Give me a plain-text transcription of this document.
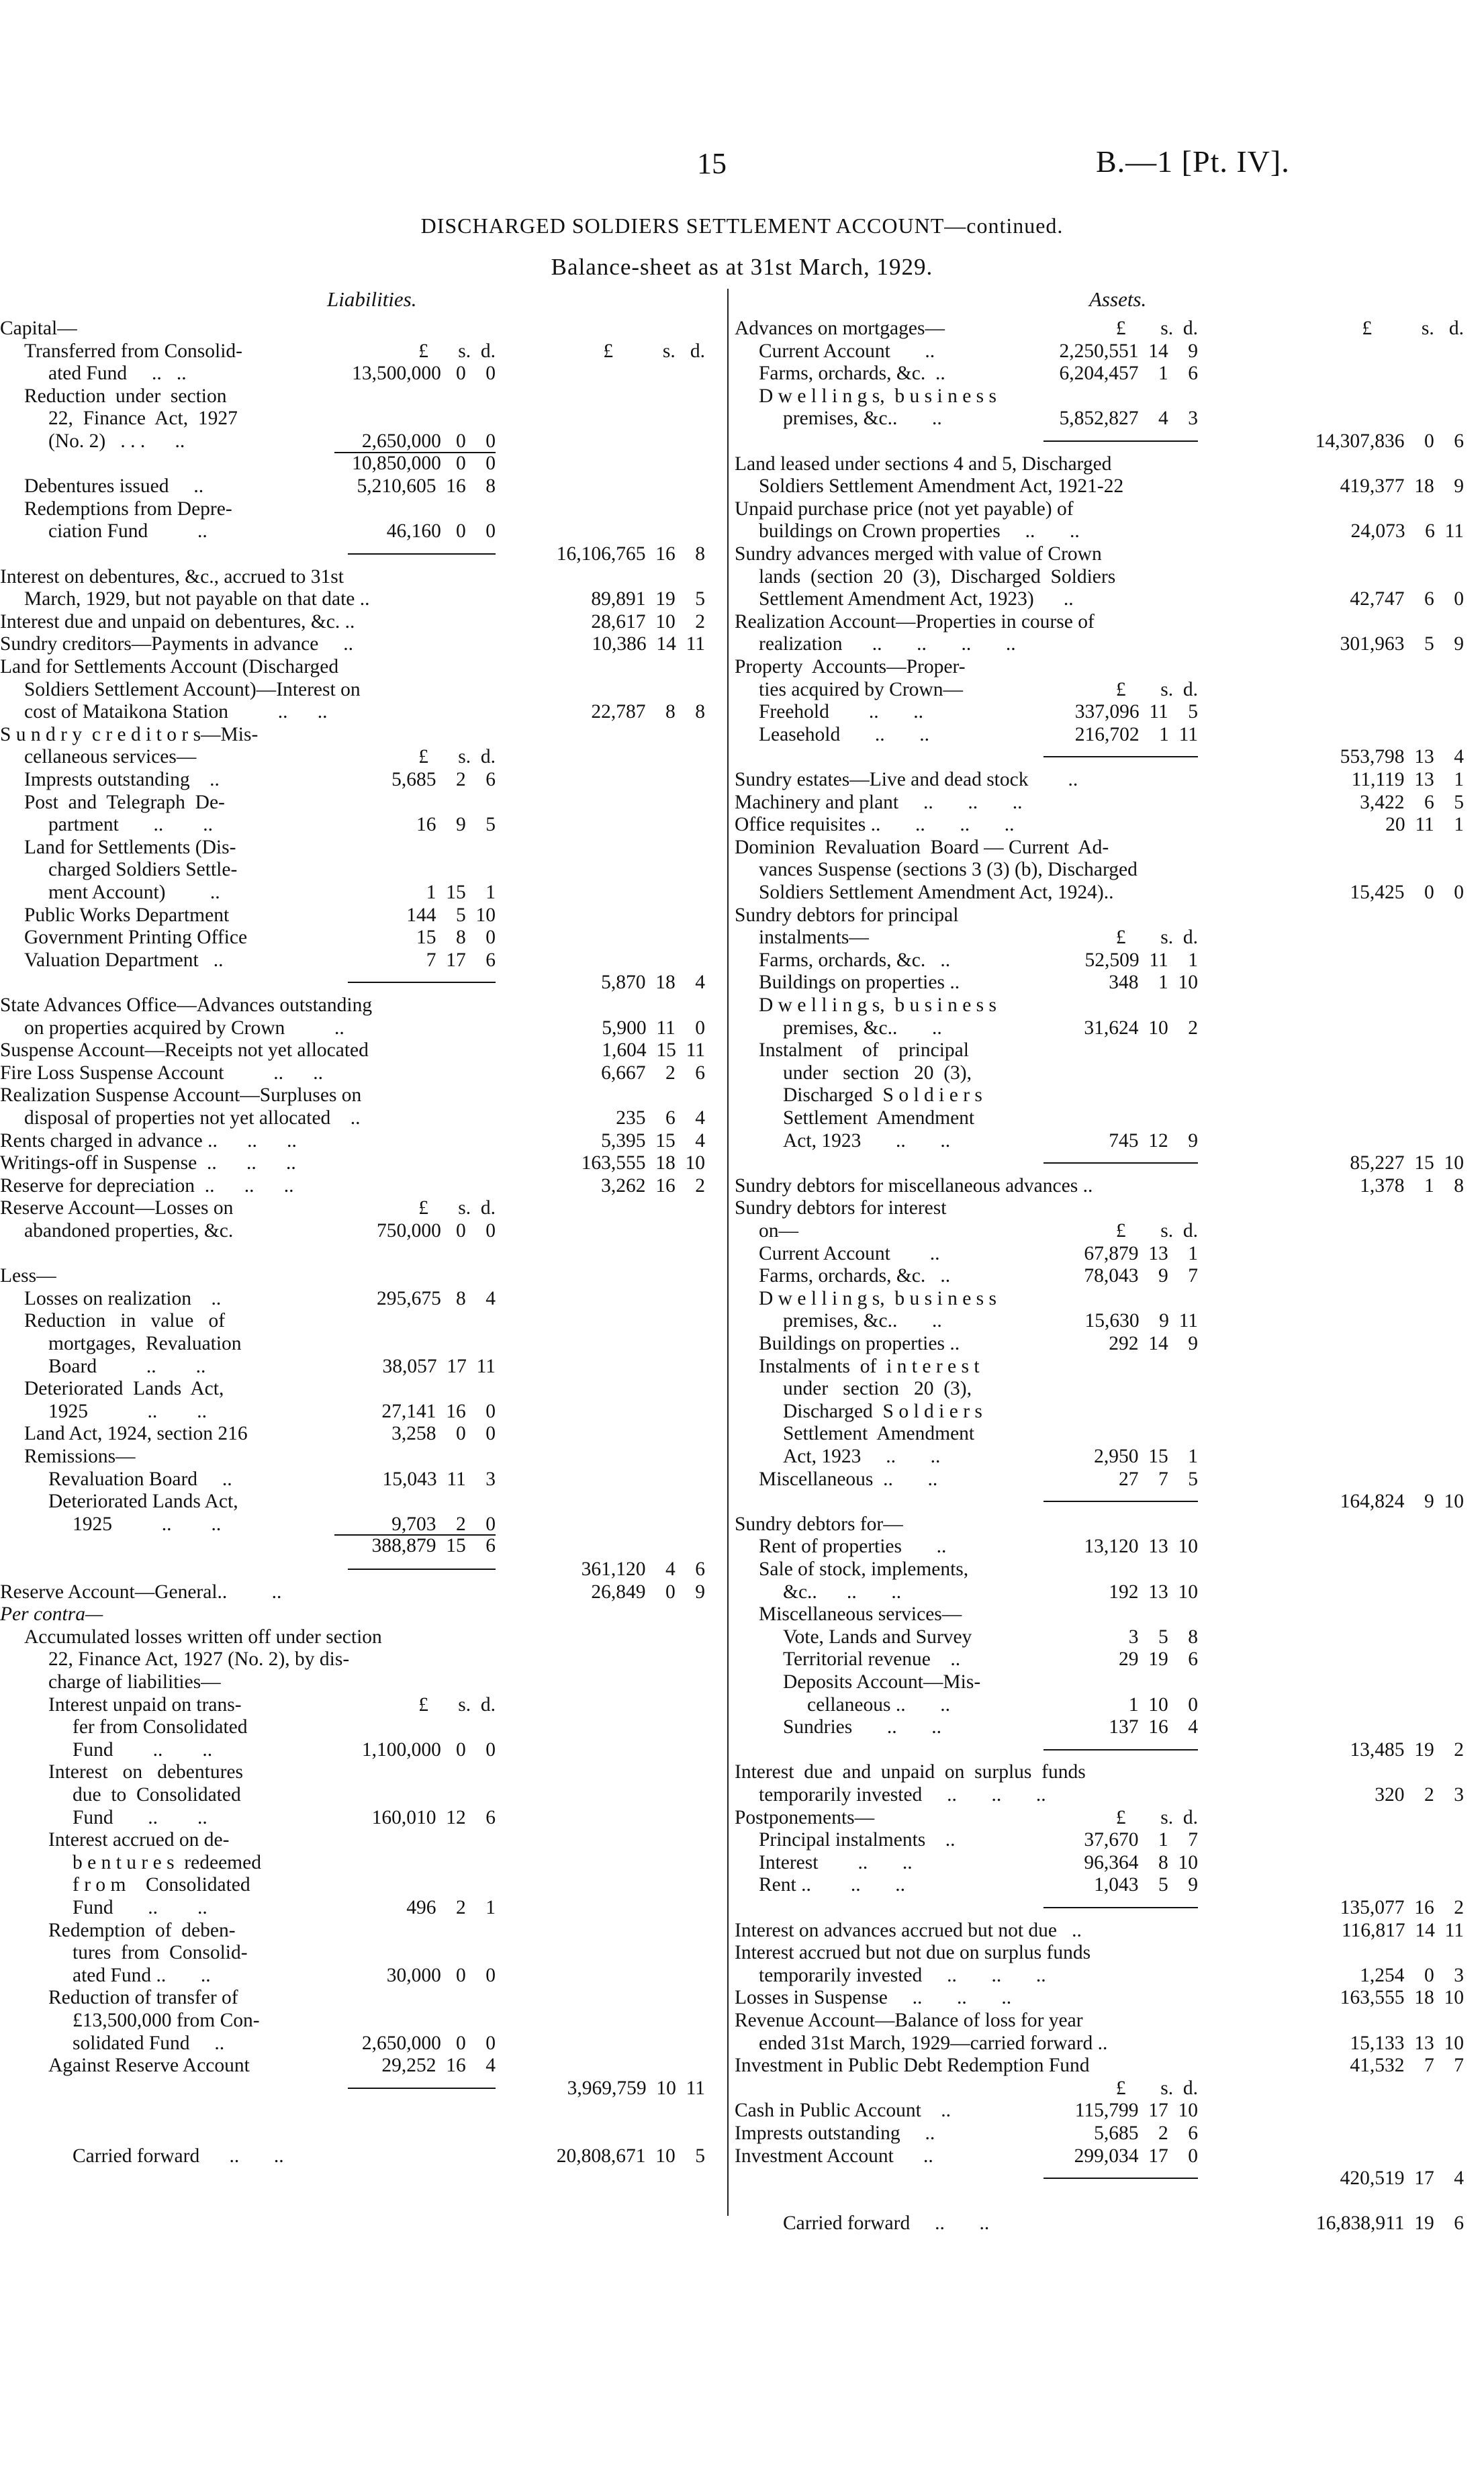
15	B.—1 [Pt. IV].
DISCHARGED SOLDIERS SETTLEMENT ACCOUNT—continued.
Balance-sheet as at 31st March, 1929.
Liabilities.	Assets.
Capital—
Transferred from Consolid-	£      s.  d.	£          s.   d.
ated Fund     ..   ..	13,500,000   0    0
Reduction  under  section
22,  Finance  Act,  1927
(No. 2)   . . .      ..	2,650,000   0    0
10,850,000   0    0
Debentures issued     ..	5,210,605  16    8
Redemptions from Depre-
ciation Fund          ..	46,160   0    0
16,106,765  16    8
Interest on debentures, &c., accrued to 31st
March, 1929, but not payable on that date ..	89,891  19    5
Interest due and unpaid on debentures, &c. ..	28,617  10    2
Sundry creditors—Payments in advance     ..	10,386  14  11
Land for Settlements Account (Discharged
Soldiers Settlement Account)—Interest on
cost of Mataikona Station          ..      ..	22,787    8    8
S u n d r y  c r e d i t o r s—Mis-
cellaneous services—	£      s.  d.
Imprests outstanding    ..	5,685    2    6
Post  and  Telegraph  De-
partment       ..        ..	16    9    5
Land for Settlements (Dis-
charged Soldiers Settle-
ment Account)         ..	1  15    1
Public Works Department	144    5  10
Government Printing Office	15    8    0
Valuation Department   ..	7  17    6
5,870  18    4
State Advances Office—Advances outstanding
on properties acquired by Crown          ..	5,900  11    0
Suspense Account—Receipts not yet allocated	1,604  15  11
Fire Loss Suspense Account          ..      ..	6,667    2    6
Realization Suspense Account—Surpluses on
disposal of properties not yet allocated    ..	235    6    4
Rents charged in advance ..      ..      ..	5,395  15    4
Writings-off in Suspense  ..      ..      ..	163,555  18  10
Reserve for depreciation  ..      ..      ..	3,262  16    2
Reserve Account—Losses on	£      s.  d.
abandoned properties, &c.	750,000   0    0
Less—
Losses on realization    ..	295,675   8    4
Reduction   in   value   of
mortgages,  Revaluation
Board          ..        ..	38,057  17  11
Deteriorated  Lands  Act,
1925            ..        ..	27,141  16    0
Land Act, 1924, section 216	3,258    0    0
Remissions—
Revaluation Board     ..	15,043  11    3
Deteriorated Lands Act,
1925          ..        ..	9,703    2    0
388,879  15    6
361,120    4    6
Reserve Account—General..         ..	26,849    0    9
Per contra—
Accumulated losses written off under section
22, Finance Act, 1927 (No. 2), by dis-
charge of liabilities—
Interest unpaid on trans-	£      s.  d.
fer from Consolidated
Fund        ..        ..	1,100,000   0    0
Interest   on   debentures
due  to  Consolidated
Fund       ..        ..	160,010  12    6
Interest accrued on de-
b e n t u r e s  redeemed
f r o m    Consolidated
Fund       ..        ..	496    2    1
Redemption  of  deben-
tures  from  Consolid-
ated Fund ..       ..	30,000   0    0
Reduction of transfer of
£13,500,000 from Con-
solidated Fund     ..	2,650,000   0    0
Against Reserve Account	29,252  16    4
3,969,759  10  11
Carried forward      ..       ..	20,808,671  10    5
Advances on mortgages—	£       s.  d.	£          s.   d.
Current Account       ..	2,250,551  14    9
Farms, orchards, &c.  ..	6,204,457    1    6
D w e l l i n g s,  b u s i n e s s
premises, &c..       ..	5,852,827    4    3
14,307,836    0    6
Land leased under sections 4 and 5, Discharged
Soldiers Settlement Amendment Act, 1921-22	419,377  18    9
Unpaid purchase price (not yet payable) of
buildings on Crown properties     ..       ..	24,073    6  11
Sundry advances merged with value of Crown
lands  (section  20  (3),  Discharged  Soldiers
Settlement Amendment Act, 1923)      ..	42,747    6    0
Realization Account—Properties in course of
realization      ..       ..       ..       ..	301,963    5    9
Property  Accounts—Proper-
ties acquired by Crown—	£       s.  d.
Freehold        ..       ..	337,096  11    5
Leasehold       ..       ..	216,702    1  11
553,798  13    4
Sundry estates—Live and dead stock        ..	11,119  13    1
Machinery and plant     ..       ..       ..	3,422    6    5
Office requisites ..       ..       ..       ..	20  11    1
Dominion  Revaluation  Board — Current  Ad-
vances Suspense (sections 3 (3) (b), Discharged
Soldiers Settlement Amendment Act, 1924)..	15,425    0    0
Sundry debtors for principal
instalments—	£       s.  d.
Farms, orchards, &c.   ..	52,509  11    1
Buildings on properties ..	348    1  10
D w e l l i n g s,  b u s i n e s s
premises, &c..       ..	31,624  10    2
Instalment    of    principal
under   section   20  (3),
Discharged  S o l d i e r s
Settlement  Amendment
Act, 1923       ..       ..	745  12    9
85,227  15  10
Sundry debtors for miscellaneous advances ..	1,378    1    8
Sundry debtors for interest
on—	£       s.  d.
Current Account        ..	67,879  13    1
Farms, orchards, &c.   ..	78,043    9    7
D w e l l i n g s,  b u s i n e s s
premises, &c..       ..	15,630    9  11
Buildings on properties ..	292  14    9
Instalments  of  i n t e r e s t
under   section   20  (3),
Discharged  S o l d i e r s
Settlement  Amendment
Act, 1923     ..       ..	2,950  15    1
Miscellaneous  ..       ..	27    7    5
164,824    9  10
Sundry debtors for—
Rent of properties       ..	13,120  13  10
Sale of stock, implements,
&c..      ..       ..	192  13  10
Miscellaneous services—
Vote, Lands and Survey	3    5    8
Territorial revenue    ..	29  19    6
Deposits Account—Mis-
cellaneous ..       ..	1  10    0
Sundries       ..       ..	137  16    4
13,485  19    2
Interest  due  and  unpaid  on  surplus  funds
temporarily invested     ..       ..       ..	320    2    3
Postponements—	£       s.  d.
Principal instalments    ..	37,670    1    7
Interest        ..       ..	96,364    8  10
Rent ..        ..       ..	1,043    5    9
135,077  16    2
Interest on advances accrued but not due   ..	116,817  14  11
Interest accrued but not due on surplus funds
temporarily invested     ..       ..       ..	1,254    0    3
Losses in Suspense     ..       ..       ..	163,555  18  10
Revenue Account—Balance of loss for year
ended 31st March, 1929—carried forward ..	15,133  13  10
Investment in Public Debt Redemption Fund	41,532    7    7
£       s.  d.
Cash in Public Account    ..	115,799  17  10
Imprests outstanding     ..	5,685    2    6
Investment Account      ..	299,034  17    0
420,519  17    4
Carried forward     ..       ..	16,838,911  19    6
